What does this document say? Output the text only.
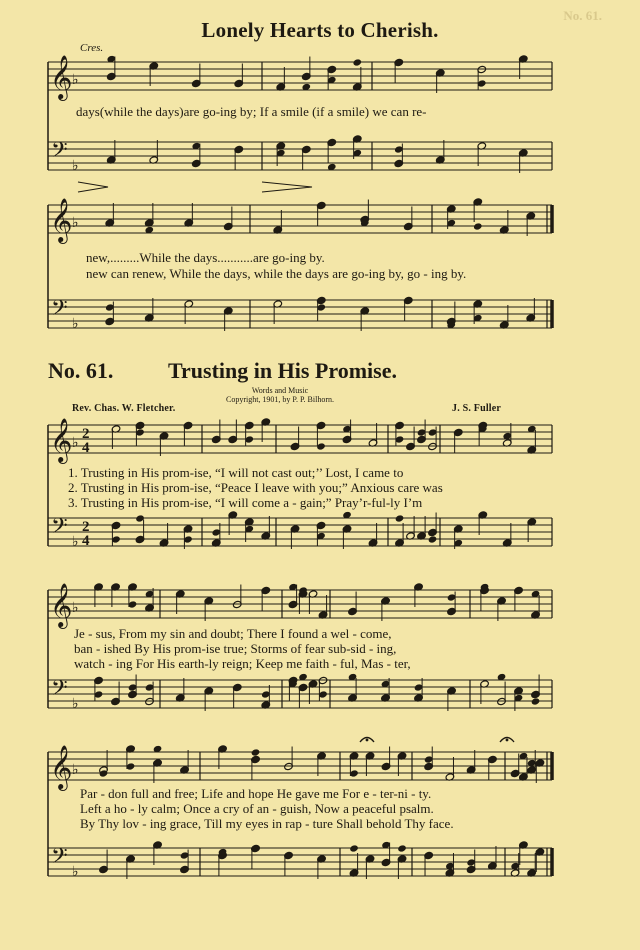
No. 61.
Lonely Hearts to Cherish.
Cres.
days(while the days)are go-ing by; If a smile (if a smile) we can re-
new,.........While the days...........are go-ing by.
new can renew, While the days, while the days are go-ing by, go - ing by.
No. 61. Trusting in His Promise.
Words and Music
Copyright, 1901, by P. P. Bilhorn.
Rev. Chas. W. Fletcher.	J. S. Fuller
1. Trusting in His prom-ise, “I will not cast out;’’ Lost, I came to
2. Trusting in His prom-ise, “Peace I leave with you;” Anxious care was
3. Trusting in His prom-ise, “I will come a - gain;” Pray’r-ful-ly I’m
Je - sus, From my sin and doubt; There I found a wel - come,
ban - ished By His prom-ise true; Storms of fear sub-sid - ing,
watch - ing For His earth-ly reign; Keep me faith - ful, Mas - ter,
Par - don full and free; Life and hope He gave me For e - ter-ni - ty.
Left a ho - ly calm; Once a cry of an - guish, Now a peaceful psalm.
By Thy lov - ing grace, Till my eyes in rap - ture Shall behold Thy face.
𝄞
𝄢
♭
♭
𝄞
𝄢
♭
♭
𝄞
𝄢
♭
♭
2
4
2
4
𝄞
𝄢
♭
♭
𝄞
𝄢
♭
♭
